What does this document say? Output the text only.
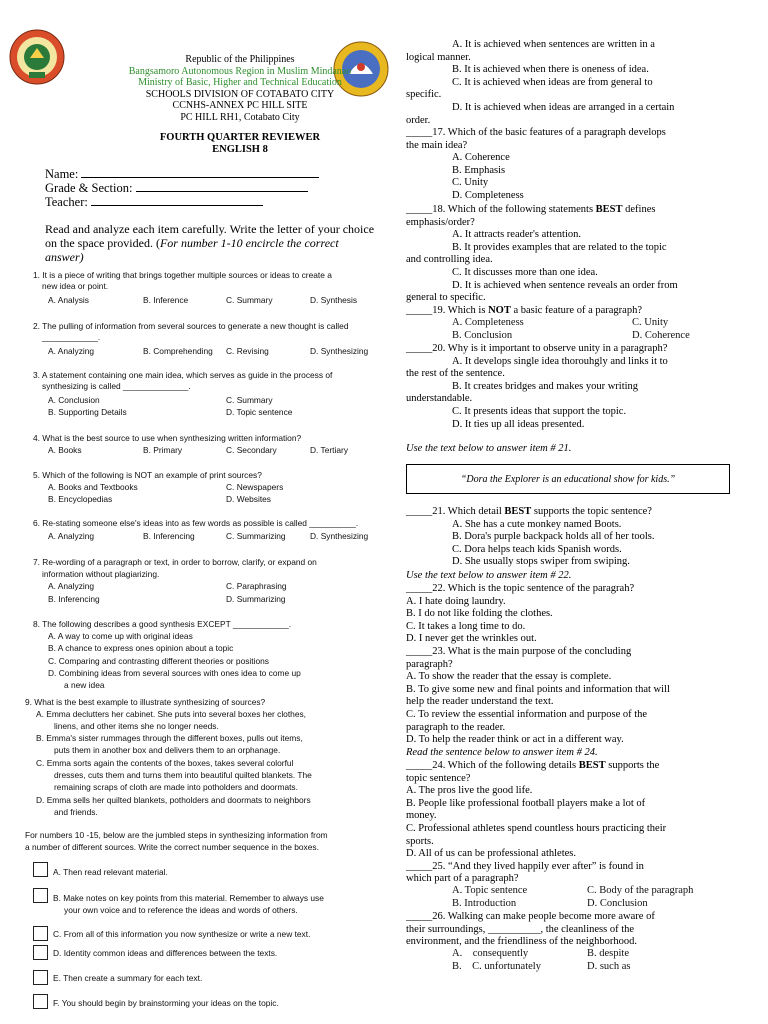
Republic of the Philippines
Bangsamoro Autonomous Region in Muslim Mindanao
Ministry of Basic, Higher and Technical Education
SCHOOLS DIVISION OF COTABATO CITY
CCNHS-ANNEX PC HILL SITE
PC HILL RH1, Cotabato City
FOURTH QUARTER REVIEWER
ENGLISH 8
Name:
Grade & Section:
Teacher:
Read and analyze each item carefully. Write the letter of your choice on the space provided. (For number 1-10 encircle the correct answer)
1. It is a piece of writing that brings together multiple sources or ideas to create a
new idea or point.
A. Analysis	B. Inference	C. Summary	D. Synthesis
2. The pulling of information from several sources to generate a new thought is called
____________.
A. Analyzing	B. Comprehending C. Revising	D. Synthesizing
3. A statement containing one main idea, which serves as guide in the process of
synthesizing is called ______________.
A. Conclusion	C. Summary
B. Supporting Details	D. Topic sentence
4. What is the best source to use when synthesizing written information?
A. Books	B. Primary	C. Secondary	D. Tertiary
5. Which of the following is NOT an example of print sources?
A. Books and Textbooks	C. Newspapers
B. Encyclopedias	D. Websites
6. Re-stating someone else's ideas into as few words as possible is called __________.
A. Analyzing	B. Inferencing	C. Summarizing	D. Synthesizing
7. Re-wording of a paragraph or text, in order to borrow, clarify, or expand on
information without plagiarizing.
A. Analyzing	C. Paraphrasing
B. Inferencing	D. Summarizing
8. The following describes a good synthesis EXCEPT ____________.
A. A way to come up with original ideas
B. A chance to express ones opinion about a topic
C. Comparing and contrasting different theories or positions
D. Combining ideas from several sources with ones idea to come up
a new idea
9. What is the best example to illustrate synthesizing of sources?
A. Emma declutters her cabinet. She puts into several boxes her clothes,
linens, and other items she no longer needs.
B. Emma's sister rummages through the different boxes, pulls out items,
puts them in another box and delivers them to an orphanage.
C. Emma sorts again the contents of the boxes, takes several colorful
dresses, cuts them and turns them into beautiful quilted blankets. The
remaining scraps of cloth are made into potholders and doormats.
D. Emma sells her quilted blankets, potholders and doormats to neighbors
and friends.
For numbers 10 -15, below are the jumbled steps in synthesizing information from
a number of different sources. Write the correct number sequence in the boxes.
A. Then read relevant material.
B. Make notes on key points from this material. Remember to always use
your own voice and to reference the ideas and words of others.
C. From all of this information you now synthesize or write a new text.
D. Identity common ideas and differences between the texts.
E. Then create a summary for each text.
F. You should begin by brainstorming your ideas on the topic.
A. It is achieved when sentences are written in a
logical manner.
B. It is achieved when there is oneness of idea.
C. It is achieved when ideas are from general to
specific.
D. It is achieved when ideas are arranged in a certain
order.
_____17. Which of the basic features of a paragraph develops
the main idea?
A. Coherence
B. Emphasis
C. Unity
D. Completeness
_____18. Which of the following statements BEST defines
emphasis/order?
A. It attracts reader's attention.
B. It provides examples that are related to the topic
and controlling idea.
C. It discusses more than one idea.
D. It is achieved when sentence reveals an order from
general to specific.
_____19. Which is NOT a basic feature of a paragraph?
A. Completeness	C. Unity
B. Conclusion	D. Coherence
_____20. Why is it important to observe unity in a paragraph?
A. It develops single idea thorouhgly and links it to
the rest of the sentence.
B. It creates bridges and makes your writing
understandable.
C. It presents ideas that support the topic.
D. It ties up all ideas presented.
Use the text below to answer item # 21.
“Dora the Explorer is an educational show for kids.”
_____21. Which detail BEST supports the topic sentence?
A. She has a cute monkey named Boots.
B. Dora's purple backpack holds all of her tools.
C. Dora helps teach kids Spanish words.
D. She usually stops swiper from swiping.
Use the text below to answer item # 22.
_____22. Which is the topic sentence of the paragrah?
A. I hate doing laundry.
B. I do not like folding the clothes.
C. It takes a long time to do.
D. I never get the wrinkles out.
_____23. What is the main purpose of the concluding
paragraph?
A. To show the reader that the essay is complete.
B. To give some new and final points and information that will
help the reader understand the text.
C. To review the essential information and purpose of the
paragraph to the reader.
D. To help the reader think or act in a different way.
Read the sentence below to answer item # 24.
_____24. Which of the following details BEST supports the
topic sentence?
A. The pros live the good life.
B. People like professional football players make a lot of
money.
C. Professional athletes spend countless hours practicing their
sports.
D. All of us can be professional athletes.
_____25. “And they lived happily ever after” is found in
which part of a paragraph?
A. Topic sentence	C. Body of the paragraph
B. Introduction	D. Conclusion
_____26. Walking can make people become more aware of
their surroundings, __________, the cleanliness of the
environment, and the friendliness of the neighborhood.
A.    consequently	B. despite
B.    C. unfortunately	D. such as
